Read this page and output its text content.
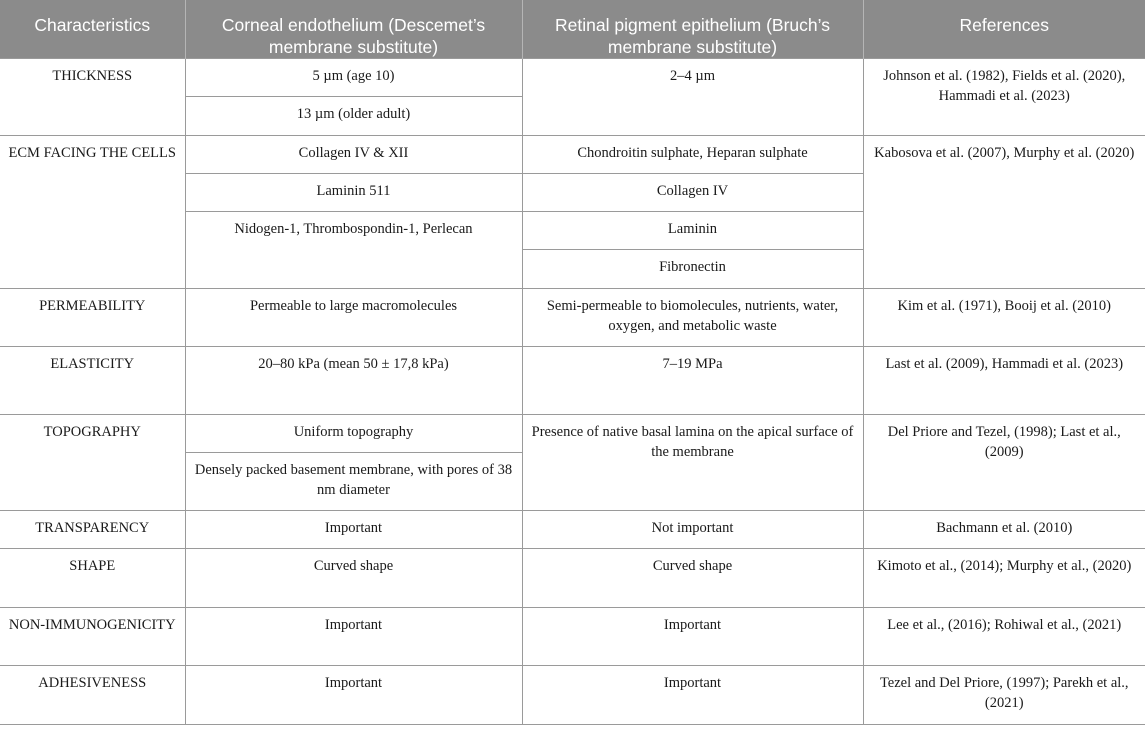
Characteristics	Corneal endothelium (Descemet’s membrane substitute)	Retinal pigment epithelium (Bruch’s membrane substitute)	References
THICKNESS	5 µm (age 10)	2–4 µm	Johnson et al. (1982), Fields et al. (2020), Hammadi et al. (2023)
	13 µm (older adult)		
ECM FACING THE CELLS	Collagen IV & XII	Chondroitin sulphate, Heparan sulphate	Kabosova et al. (2007), Murphy et al. (2020)
	Laminin 511	Collagen IV	
	Nidogen-1, Thrombospondin-1, Perlecan	Laminin	
		Fibronectin	
PERMEABILITY	Permeable to large macromolecules	Semi-permeable to biomolecules, nutrients, water, oxygen, and metabolic waste	Kim et al. (1971), Booij et al. (2010)
ELASTICITY	20–80 kPa (mean 50 ± 17,8 kPa)	7–19 MPa	Last et al. (2009), Hammadi et al. (2023)
TOPOGRAPHY	Uniform topography	Presence of native basal lamina on the apical surface of the membrane	Del Priore and Tezel, (1998); Last et al., (2009)
	Densely packed basement membrane, with pores of 38 nm diameter		
TRANSPARENCY	Important	Not important	Bachmann et al. (2010)
SHAPE	Curved shape	Curved shape	Kimoto et al., (2014); Murphy et al., (2020)
NON-IMMUNOGENICITY	Important	Important	Lee et al., (2016); Rohiwal et al., (2021)
ADHESIVENESS	Important	Important	Tezel and Del Priore, (1997); Parekh et al., (2021)
